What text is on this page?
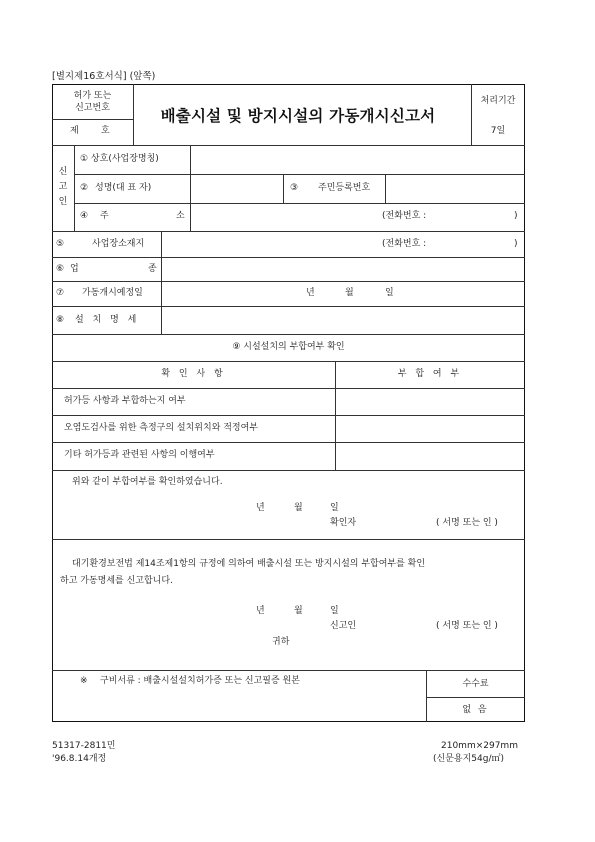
[별지제16호서식] (앞쪽)
허가 또는
신고번호
제 호
배출시설 및 방지시설의 가동개시신고서
처리기간
7일
신
고
인
① 상호(사업장명칭)
② 성명(대 표 자)	③ 주민등록번호
④ 주	소	(전화번호 :	)
⑤	사업장소재지	(전화번호 :	)
⑥ 업	종
⑦ 가동개시예정일	년	월	일
⑧ 설 치 명 세
⑨ 시설설치의 부합여부 확인
확 인 사 항	부 합 여 부
허가등 사항과 부합하는지 여부
오염도검사를 위한 측정구의 설치위치와 적정여부
기타 허가등과 관련된 사항의 이행여부
위와 같이 부합여부를 확인하였습니다.
년	월	일
확인자	( 서명 또는 인 )
대기환경보전법 제14조제1항의 규정에 의하여 배출시설 또는 방지시설의 부합여부를 확인
하고 가동명세를 신고합니다.
년	월	일
신고인	( 서명 또는 인 )
귀하
※ 구비서류 : 배출시설설치허가증 또는 신고필증 원본	수수료
없 음
51317-2811민
'96.8.14개정
210mm×297mm
(신문용지54g/㎡)
